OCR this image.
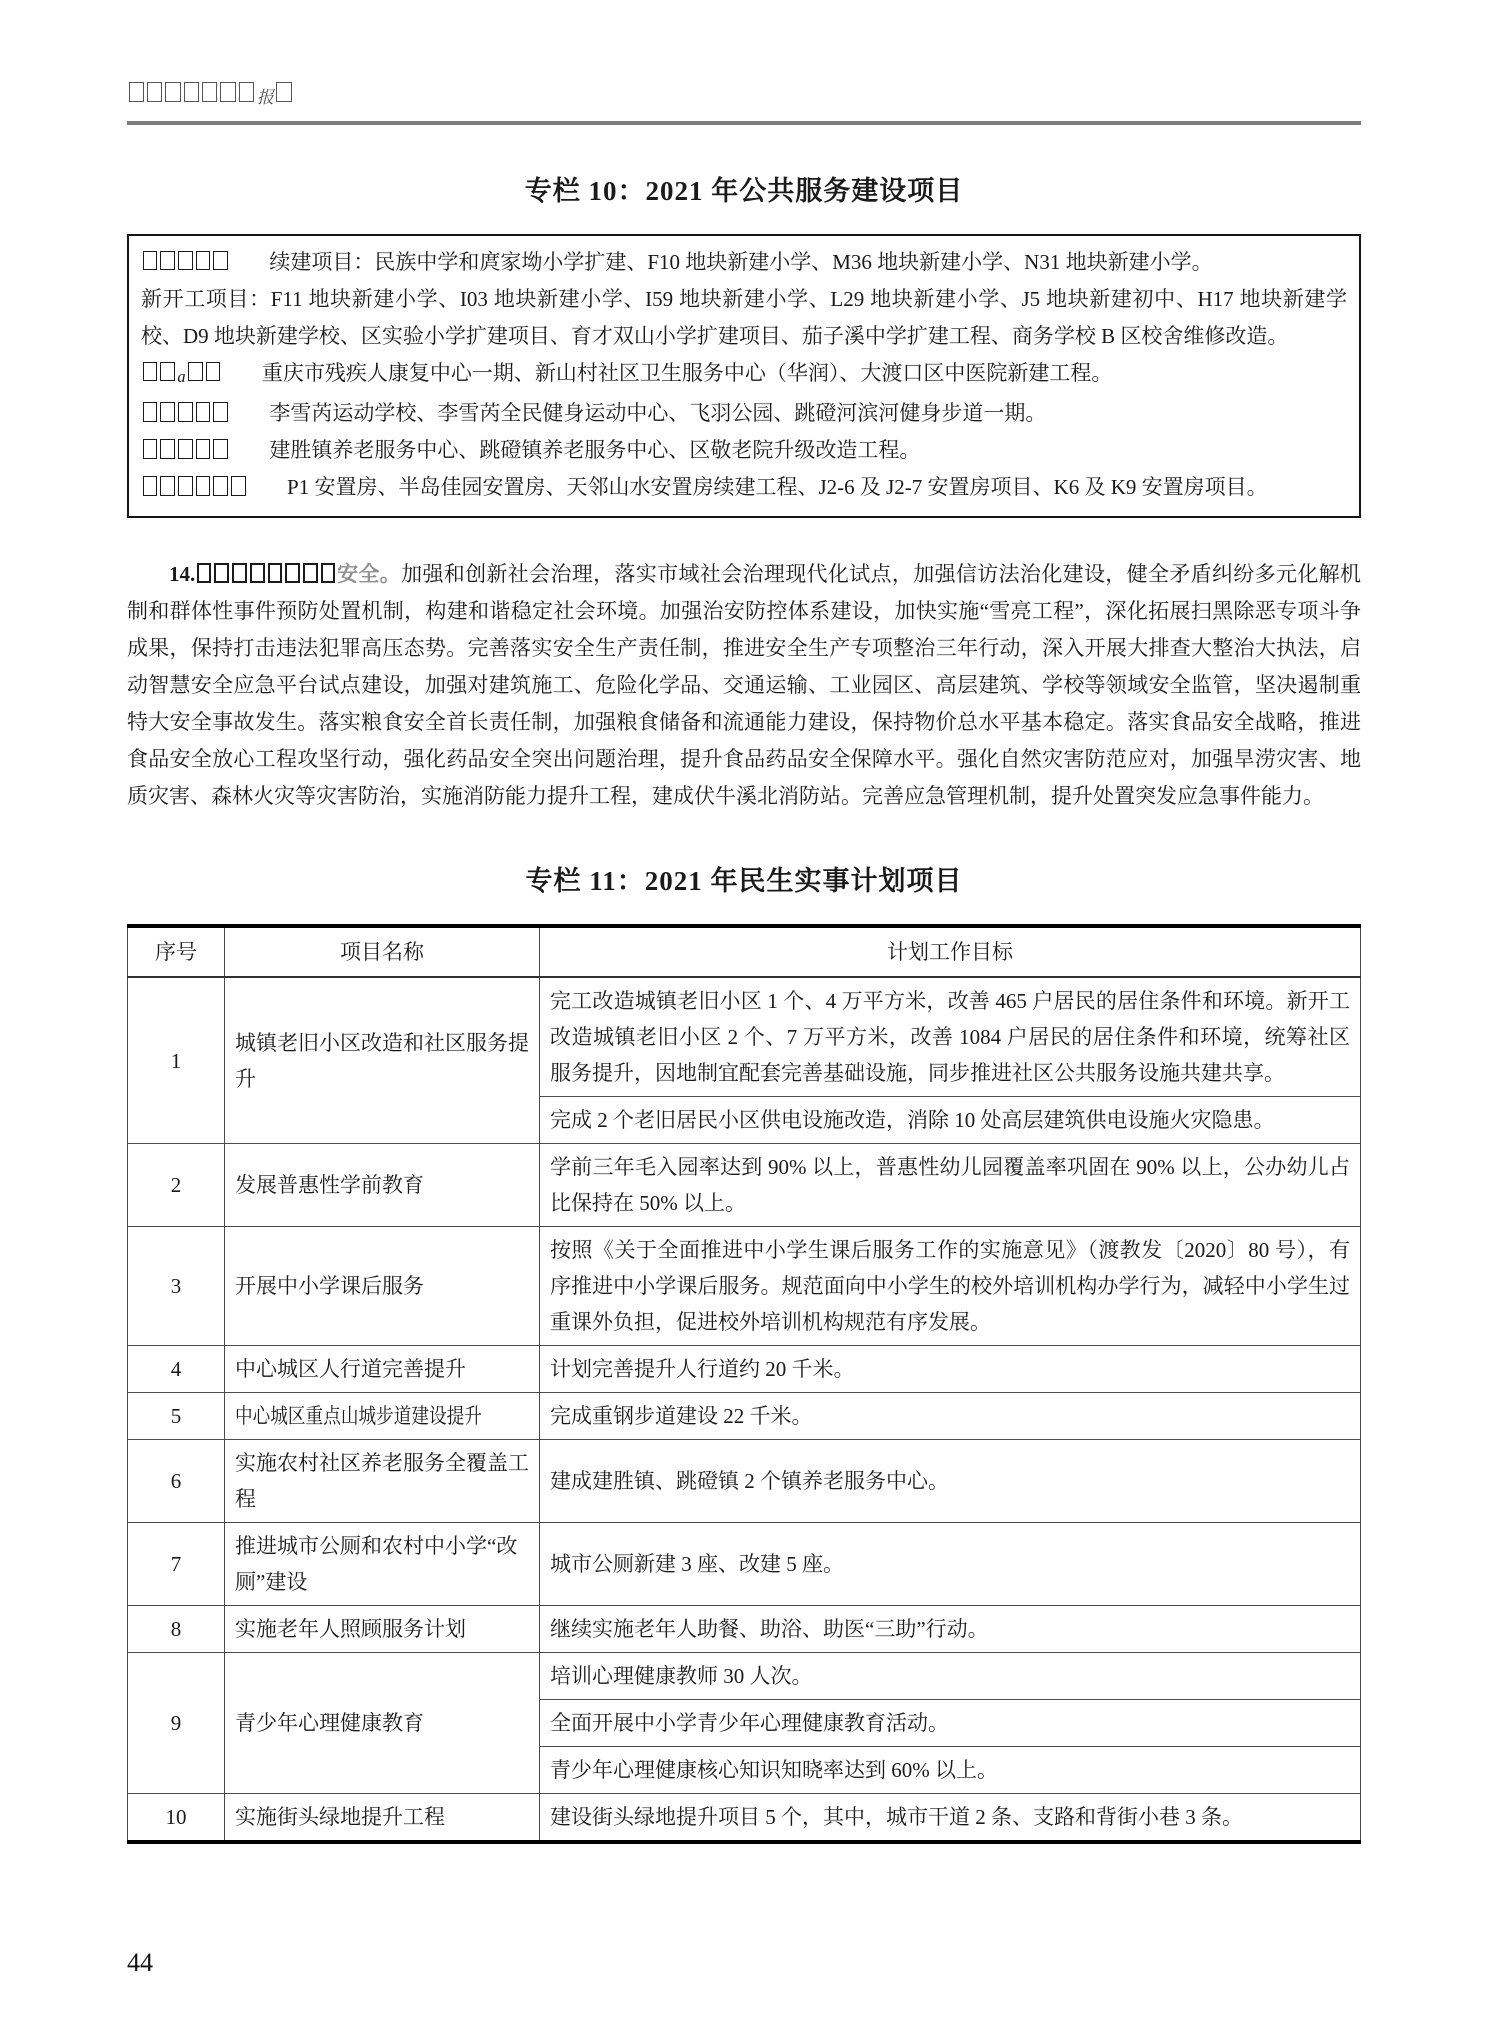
报
专栏 10：2021 年公共服务建设项目

续建项目：民族中学和庹家坳小学扩建、F10 地块新建小学、M36 地块新建小学、N31 地块新建小学。

新开工项目：F11 地块新建小学、I03 地块新建小学、I59 地块新建小学、L29 地块新建小学、J5 地块新建初中、H17 地块新建学校、D9 地块新建学校、区实验小学扩建项目、育才双山小学扩建项目、茄子溪中学扩建工程、商务学校 B 区校舍维修改造。

a	重庆市残疾人康复中心一期、新山村社区卫生服务中心（华润）、大渡口区中医院新建工程。

李雪芮运动学校、李雪芮全民健身运动中心、飞羽公园、跳磴河滨河健身步道一期。

建胜镇养老服务中心、跳磴镇养老服务中心、区敬老院升级改造工程。

P1 安置房、半岛佳园安置房、天邻山水安置房续建工程、J2-6 及 J2-7 安置房项目、K6 及 K9 安置房项目。

14.	安全。加强和创新社会治理，落实市域社会治理现代化试点，加强信访法治化建设，健全矛盾纠纷多元化解机制和群体性事件预防处置机制，构建和谐稳定社会环境。加强治安防控体系建设，加快实施“雪亮工程”，深化拓展扫黑除恶专项斗争成果，保持打击违法犯罪高压态势。完善落实安全生产责任制，推进安全生产专项整治三年行动，深入开展大排查大整治大执法，启动智慧安全应急平台试点建设，加强对建筑施工、危险化学品、交通运输、工业园区、高层建筑、学校等领域安全监管，坚决遏制重特大安全事故发生。落实粮食安全首长责任制，加强粮食储备和流通能力建设，保持物价总水平基本稳定。落实食品安全战略，推进食品安全放心工程攻坚行动，强化药品安全突出问题治理，提升食品药品安全保障水平。强化自然灾害防范应对，加强旱涝灾害、地质灾害、森林火灾等灾害防治，实施消防能力提升工程，建成伏牛溪北消防站。完善应急管理机制，提升处置突发应急事件能力。

专栏 11：2021 年民生实事计划项目
序号	项目名称	计划工作目标
1	城镇老旧小区改造和社区服务提升	完工改造城镇老旧小区 1 个、4 万平方米，改善 465 户居民的居住条件和环境。新开工改造城镇老旧小区 2 个、7 万平方米，改善 1084 户居民的居住条件和环境，统筹社区服务提升，因地制宜配套完善基础设施，同步推进社区公共服务设施共建共享。
		完成 2 个老旧居民小区供电设施改造，消除 10 处高层建筑供电设施火灾隐患。
2	发展普惠性学前教育	学前三年毛入园率达到 90% 以上，普惠性幼儿园覆盖率巩固在 90% 以上，公办幼儿占比保持在 50% 以上。
3	开展中小学课后服务	按照《关于全面推进中小学生课后服务工作的实施意见》（渡教发〔2020〕80 号），有序推进中小学课后服务。规范面向中小学生的校外培训机构办学行为，减轻中小学生过重课外负担，促进校外培训机构规范有序发展。
4	中心城区人行道完善提升	计划完善提升人行道约 20 千米。
5	中心城区重点山城步道建设提升	完成重钢步道建设 22 千米。
6	实施农村社区养老服务全覆盖工程	建成建胜镇、跳磴镇 2 个镇养老服务中心。
7	推进城市公厕和农村中小学“改厕”建设	城市公厕新建 3 座、改建 5 座。
8	实施老年人照顾服务计划	继续实施老年人助餐、助浴、助医“三助”行动。
9	青少年心理健康教育	培训心理健康教师 30 人次。
		全面开展中小学青少年心理健康教育活动。
		青少年心理健康核心知识知晓率达到 60% 以上。
10	实施街头绿地提升工程	建设街头绿地提升项目 5 个，其中，城市干道 2 条、支路和背街小巷 3 条。
44
